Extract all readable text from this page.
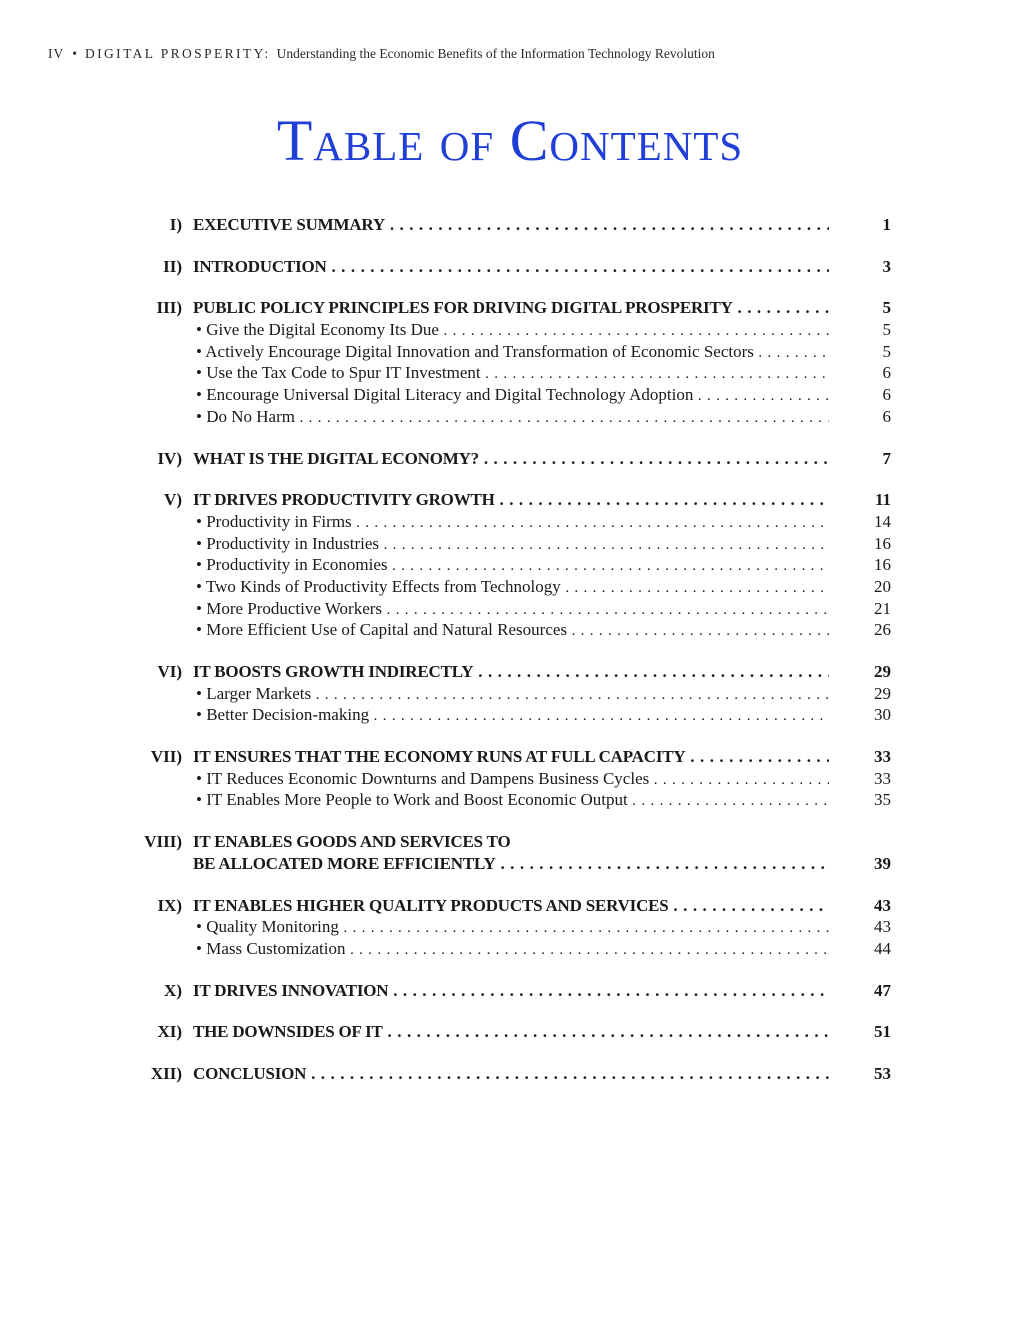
IV • DIGITAL PROSPERITY: Understanding the Economic Benefits of the Information Technology Revolution
Table of Contents
I) EXECUTIVE SUMMARY . . .	1
II) INTRODUCTION . . .	3
III) PUBLIC POLICY PRINCIPLES FOR DRIVING DIGITAL PROSPERITY . . .	5
• Give the Digital Economy Its Due . . .	5
• Actively Encourage Digital Innovation and Transformation of Economic Sectors . . .	5
• Use the Tax Code to Spur IT Investment . . .	6
• Encourage Universal Digital Literacy and Digital Technology Adoption . . .	6
• Do No Harm . . .	6
IV) WHAT IS THE DIGITAL ECONOMY? . . .	7
V) IT DRIVES PRODUCTIVITY GROWTH . . .	11
• Productivity in Firms . . .	14
• Productivity in Industries . . .	16
• Productivity in Economies . . .	16
• Two Kinds of Productivity Effects from Technology . . .	20
• More Productive Workers . . .	21
• More Efficient Use of Capital and Natural Resources . . .	26
VI) IT BOOSTS GROWTH INDIRECTLY . . .	29
• Larger Markets . . .	29
• Better Decision-making . . .	30
VII) IT ENSURES THAT THE ECONOMY RUNS AT FULL CAPACITY . . .	33
• IT Reduces Economic Downturns and Dampens Business Cycles . . .	33
• IT Enables More People to Work and Boost Economic Output . . .	35
VIII) IT ENABLES GOODS AND SERVICES TO
BE ALLOCATED MORE EFFICIENTLY . . .	39
IX) IT ENABLES HIGHER QUALITY PRODUCTS AND SERVICES . . .	43
• Quality Monitoring . . .	43
• Mass Customization . . .	44
X) IT DRIVES INNOVATION . . .	47
XI) THE DOWNSIDES OF IT . . .	51
XII) CONCLUSION . . .	53
